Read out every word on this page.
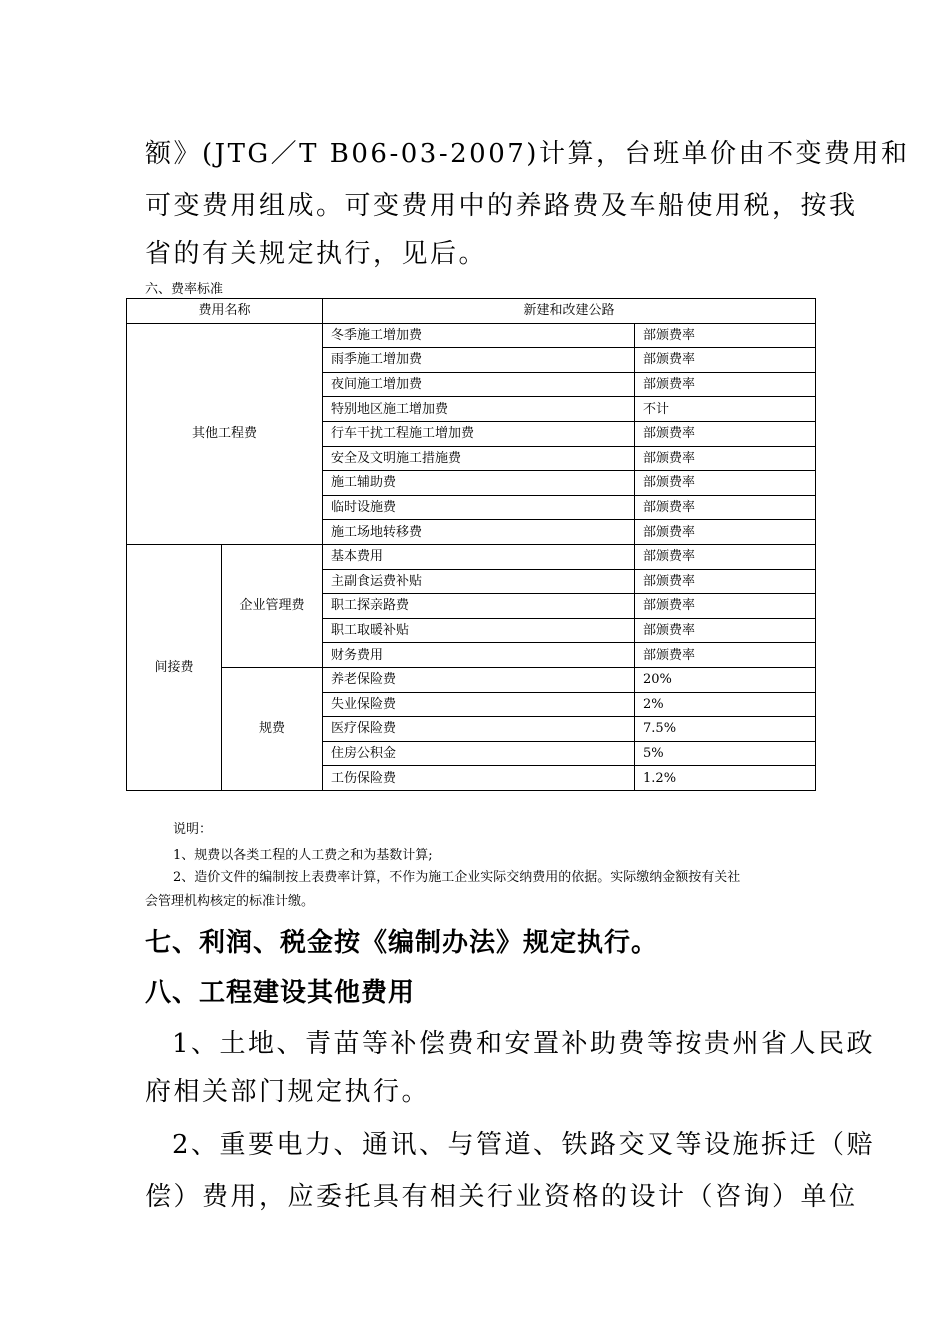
额》(JTG／T B06-03-2007)计算，台班单价由不变费用和
可变费用组成。可变费用中的养路费及车船使用税，按我
省的有关规定执行，见后。
六、费率标准
费用名称		新建和改建公路	
其他工程费		冬季施工增加费	部颁费率
		雨季施工增加费	部颁费率
		夜间施工增加费	部颁费率
		特别地区施工增加费	不计
		行车干扰工程施工增加费	部颁费率
		安全及文明施工措施费	部颁费率
		施工辅助费	部颁费率
		临时设施费	部颁费率
		施工场地转移费	部颁费率
间接费	企业管理费	基本费用	部颁费率
		主副食运费补贴	部颁费率
		职工探亲路费	部颁费率
		职工取暖补贴	部颁费率
		财务费用	部颁费率
	规费	养老保险费	20%
		失业保险费	2%
		医疗保险费	7.5%
		住房公积金	5%
		工伤保险费	1.2%
说明：
1、规费以各类工程的人工费之和为基数计算;
2、造价文件的编制按上表费率计算，不作为施工企业实际交纳费用的依据。实际缴纳金额按有关社
会管理机构核定的标准计缴。
七、利润、税金按《编制办法》规定执行。
八、工程建设其他费用
1、土地、青苗等补偿费和安置补助费等按贵州省人民政
府相关部门规定执行。
2、重要电力、通讯、与管道、铁路交叉等设施拆迁（赔
偿）费用，应委托具有相关行业资格的设计（咨询）单位
